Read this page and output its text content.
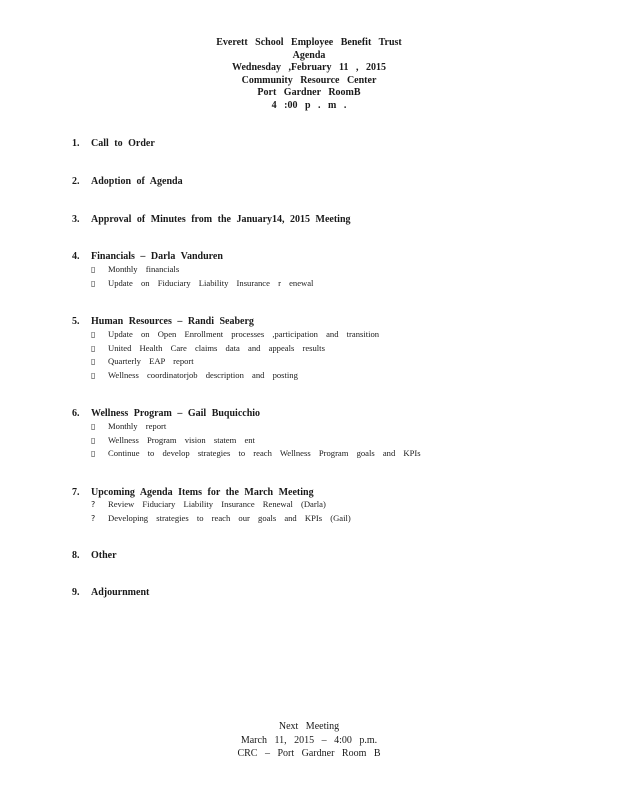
Everett School Employee Benefit Trust
Agenda
Wednesday ,February 11 , 2015
Community Resource Center
Port Gardner RoomB
4 :00 p . m .
1. Call to Order
2. Adoption of Agenda
3. Approval of Minutes from the January14, 2015 Meeting
4. Financials – Darla Vanduren
▯ Monthly financials
▯ Update on Fiduciary Liability Insurance r enewal
5. Human Resources – Randi Seaberg
▯ Update on Open Enrollment processes ,participation and transition
▯ United Health Care claims data and appeals results
▯ Quarterly EAP report
▯ Wellness coordinatorjob description and posting
6. Wellness Program – Gail Buquicchio
▯ Monthly report
▯ Wellness Program vision statem ent
▯ Continue to develop strategies to reach Wellness Program goals and KPIs
7. Upcoming Agenda Items for the March Meeting
? Review Fiduciary Liability Insurance Renewal (Darla)
? Developing strategies to reach our goals and KPIs (Gail)
8. Other
9. Adjournment
Next Meeting
March 11, 2015 – 4:00 p.m.
CRC – Port Gardner Room B
